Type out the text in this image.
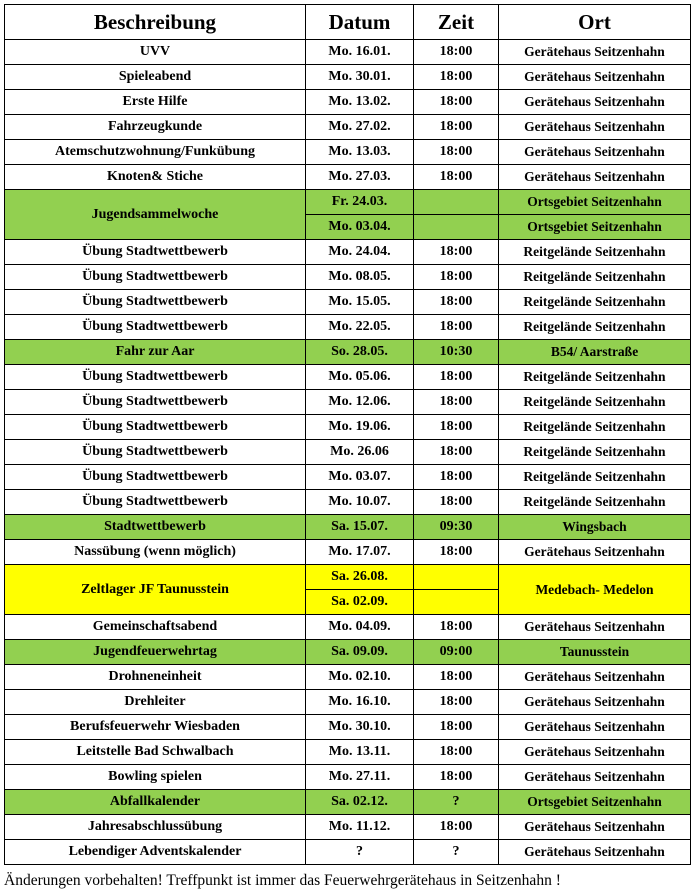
Beschreibung	Datum	Zeit	Ort
UVV	Mo. 16.01.	18:00	Gerätehaus Seitzenhahn
Spieleabend	Mo. 30.01.	18:00	Gerätehaus Seitzenhahn
Erste Hilfe	Mo. 13.02.	18:00	Gerätehaus Seitzenhahn
Fahrzeugkunde	Mo. 27.02.	18:00	Gerätehaus Seitzenhahn
Atemschutzwohnung/Funkübung	Mo. 13.03.	18:00	Gerätehaus Seitzenhahn
Knoten& Stiche	Mo. 27.03.	18:00	Gerätehaus Seitzenhahn
Jugendsammelwoche	Fr. 24.03.		Ortsgebiet Seitzenhahn
	Mo. 03.04.		Ortsgebiet Seitzenhahn
Übung Stadtwettbewerb	Mo. 24.04.	18:00	Reitgelände Seitzenhahn
Übung Stadtwettbewerb	Mo. 08.05.	18:00	Reitgelände Seitzenhahn
Übung Stadtwettbewerb	Mo. 15.05.	18:00	Reitgelände Seitzenhahn
Übung Stadtwettbewerb	Mo. 22.05.	18:00	Reitgelände Seitzenhahn
Fahr zur Aar	So. 28.05.	10:30	B54/ Aarstraße
Übung Stadtwettbewerb	Mo. 05.06.	18:00	Reitgelände Seitzenhahn
Übung Stadtwettbewerb	Mo. 12.06.	18:00	Reitgelände Seitzenhahn
Übung Stadtwettbewerb	Mo. 19.06.	18:00	Reitgelände Seitzenhahn
Übung Stadtwettbewerb	Mo. 26.06	18:00	Reitgelände Seitzenhahn
Übung Stadtwettbewerb	Mo. 03.07.	18:00	Reitgelände Seitzenhahn
Übung Stadtwettbewerb	Mo. 10.07.	18:00	Reitgelände Seitzenhahn
Stadtwettbewerb	Sa. 15.07.	09:30	Wingsbach
Nassübung (wenn möglich)	Mo. 17.07.	18:00	Gerätehaus Seitzenhahn
Zeltlager JF Taunusstein	Sa. 26.08.		Medebach- Medelon
	Sa. 02.09.		
Gemeinschaftsabend	Mo. 04.09.	18:00	Gerätehaus Seitzenhahn
Jugendfeuerwehrtag	Sa. 09.09.	09:00	Taunusstein
Drohneneinheit	Mo. 02.10.	18:00	Gerätehaus Seitzenhahn
Drehleiter	Mo. 16.10.	18:00	Gerätehaus Seitzenhahn
Berufsfeuerwehr Wiesbaden	Mo. 30.10.	18:00	Gerätehaus Seitzenhahn
Leitstelle Bad Schwalbach	Mo. 13.11.	18:00	Gerätehaus Seitzenhahn
Bowling spielen	Mo. 27.11.	18:00	Gerätehaus Seitzenhahn
Abfallkalender	Sa. 02.12.	?	Ortsgebiet Seitzenhahn
Jahresabschlussübung	Mo. 11.12.	18:00	Gerätehaus Seitzenhahn
Lebendiger Adventskalender	?	?	Gerätehaus Seitzenhahn
Änderungen vorbehalten! Treffpunkt ist immer das Feuerwehrgerätehaus in Seitzenhahn !
